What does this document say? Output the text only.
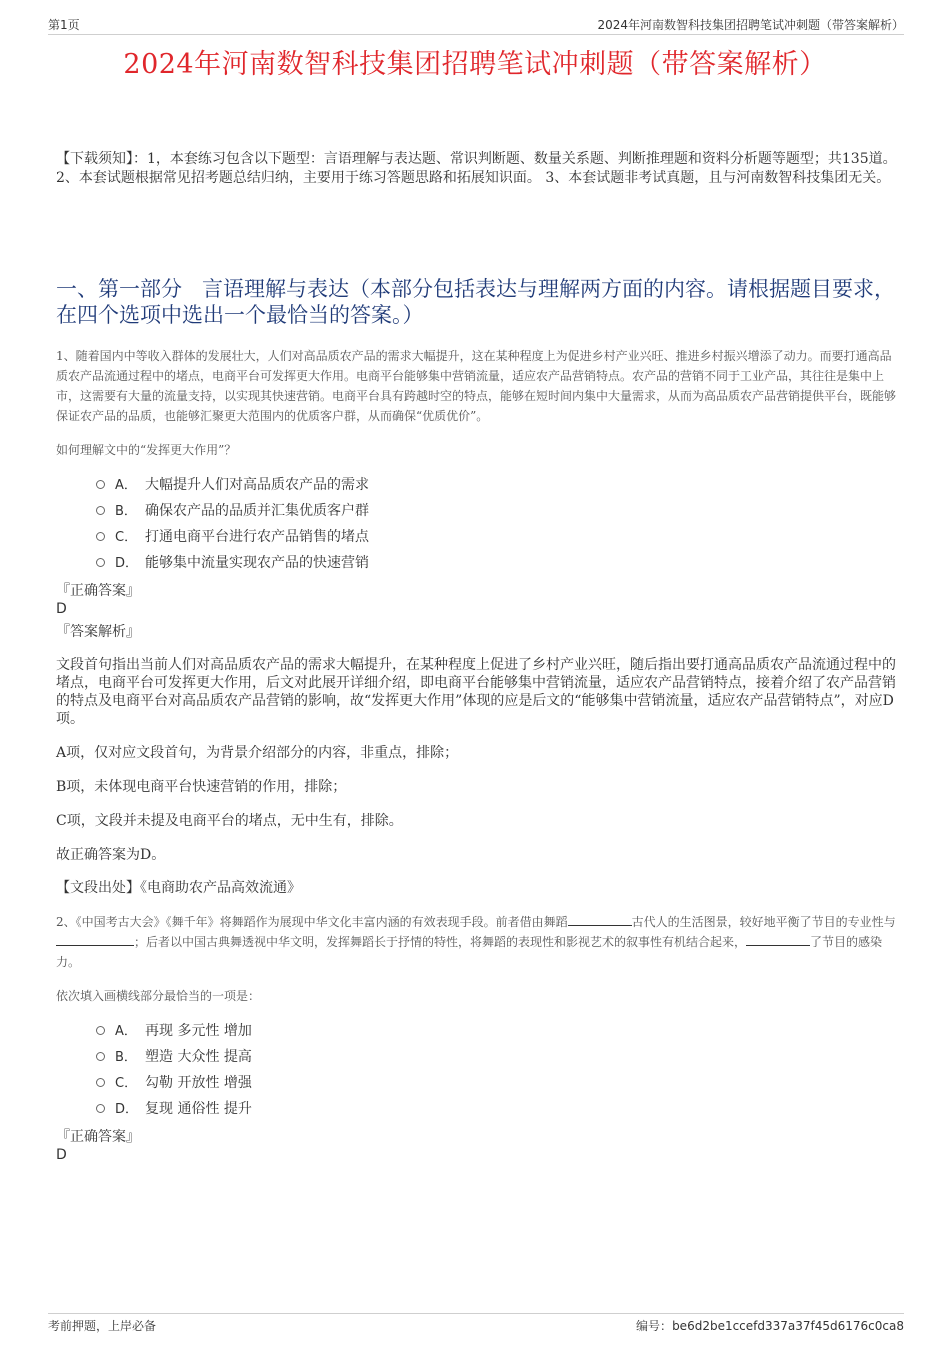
第1页	2024年河南数智科技集团招聘笔试冲刺题（带答案解析）
2024年河南数智科技集团招聘笔试冲刺题（带答案解析）

【下载须知】：1，本套练习包含以下题型：言语理解与表达题、常识判断题、数量关系题、判断推理题和资料分析题等题型；共135道。 2、本套试题根据常见招考题总结归纳，主要用于练习答题思路和拓展知识面。 3、本套试题非考试真题，且与河南数智科技集团无关。

一、第一部分 言语理解与表达（本部分包括表达与理解两方面的内容。请根据题目要求，在四个选项中选出一个最恰当的答案。）

1、随着国内中等收入群体的发展壮大，人们对高品质农产品的需求大幅提升，这在某种程度上为促进乡村产业兴旺、推进乡村振兴增添了动力。而要打通高品质农产品流通过程中的堵点，电商平台可发挥更大作用。电商平台能够集中营销流量，适应农产品营销特点。农产品的营销不同于工业产品，其往往是集中上市，这需要有大量的流量支持，以实现其快速营销。电商平台具有跨越时空的特点，能够在短时间内集中大量需求，从而为高品质农产品营销提供平台，既能够保证农产品的品质，也能够汇聚更大范围内的优质客户群，从而确保“优质优价”。

如何理解文中的“发挥更大作用”？

A． 大幅提升人们对高品质农产品的需求
B． 确保农产品的品质并汇集优质客户群
C． 打通电商平台进行农产品销售的堵点
D． 能够集中流量实现农产品的快速营销

『正确答案』

D

『答案解析』

文段首句指出当前人们对高品质农产品的需求大幅提升，在某种程度上促进了乡村产业兴旺，随后指出要打通高品质农产品流通过程中的堵点，电商平台可发挥更大作用，后文对此展开详细介绍，即电商平台能够集中营销流量，适应农产品营销特点，接着介绍了农产品营销的特点及电商平台对高品质农产品营销的影响，故“发挥更大作用”体现的应是后文的“能够集中营销流量，适应农产品营销特点”，对应D项。

A项，仅对应文段首句，为背景介绍部分的内容，非重点，排除；

B项，未体现电商平台快速营销的作用，排除；

C项，文段并未提及电商平台的堵点，无中生有，排除。

故正确答案为D。

【文段出处】《电商助农产品高效流通》

2、《中国考古大会》《舞千年》将舞蹈作为展现中华文化丰富内涵的有效表现手段。前者借由舞蹈	古代人的生活图景，较好地平衡了节目的专业性与；后者以中国古典舞透视中华文明，发挥舞蹈长于抒情的特性，将舞蹈的表现性和影视艺术的叙事性有机结合起来，	了节目的感染力。

依次填入画横线部分最恰当的一项是：

A． 再现 多元性 增加
B． 塑造 大众性 提高
C． 勾勒 开放性 增强
D． 复现 通俗性 提升

『正确答案』

D

考前押题，上岸必备	编号：be6d2be1ccefd337a37f45d6176c0ca8
